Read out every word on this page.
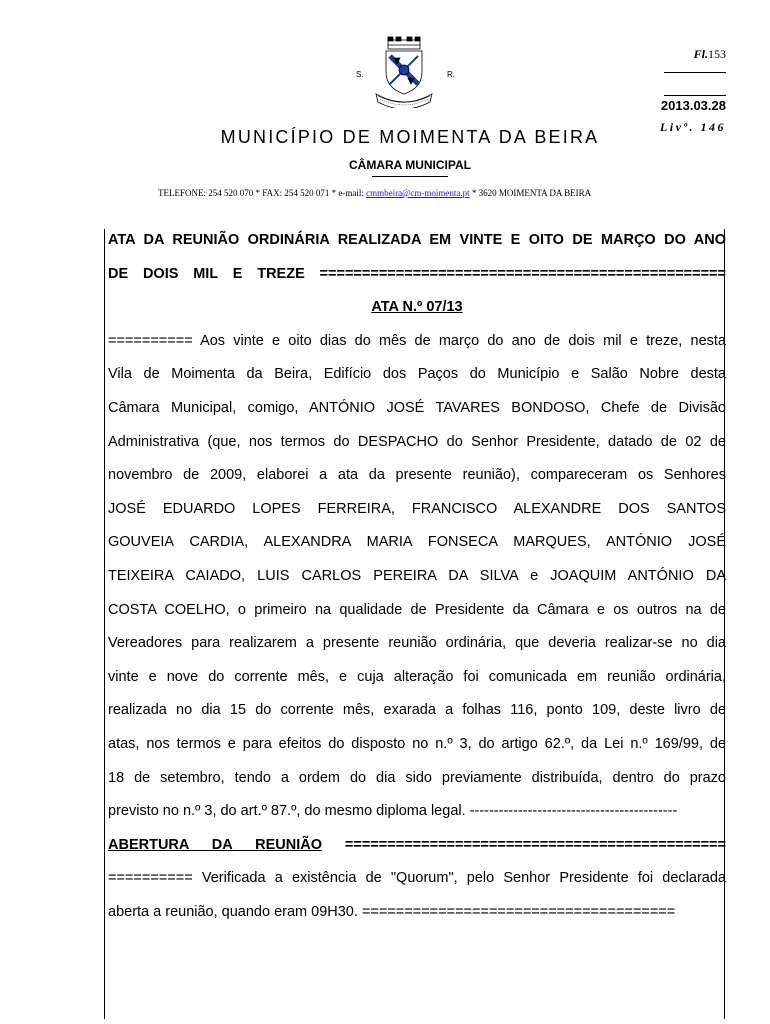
S.	R.
Fl.153
2013.03.28
Livº. 146
MUNICÍPIO DE MOIMENTA DA BEIRA
CÂMARA MUNICIPAL
TELEFONE: 254 520 070 * FAX: 254 520 071 * e-mail: cmmbeira@cm-moimenta.pt * 3620 MOIMENTA DA BEIRA
ATA DA REUNIÃO ORDINÁRIA REALIZADA EM VINTE E OITO DE MARÇO DO ANO
DE DOIS MIL E TREZE ================================================
ATA N.º 07/13
========== Aos vinte e oito dias do mês de março do ano de dois mil e treze, nesta
Vila de Moimenta da Beira, Edifício dos Paços do Município e Salão Nobre desta
Câmara Municipal, comigo, ANTÓNIO JOSÉ TAVARES BONDOSO, Chefe de Divisão
Administrativa (que, nos termos do DESPACHO do Senhor Presidente, datado de 02 de
novembro de 2009, elaborei a ata da presente reunião), compareceram os Senhores
JOSÉ EDUARDO LOPES FERREIRA, FRANCISCO ALEXANDRE DOS SANTOS
GOUVEIA CARDIA, ALEXANDRA MARIA FONSECA MARQUES, ANTÓNIO JOSÉ
TEIXEIRA CAIADO, LUIS CARLOS PEREIRA DA SILVA e JOAQUIM ANTÓNIO DA
COSTA COELHO, o primeiro na qualidade de Presidente da Câmara e os outros na de
Vereadores para realizarem a presente reunião ordinária, que deveria realizar-se no dia
vinte e nove do corrente mês, e cuja alteração foi comunicada em reunião ordinária,
realizada no dia 15 do corrente mês, exarada a folhas 116, ponto 109, deste livro de
atas, nos termos e para efeitos do disposto no n.º 3, do artigo 62.º, da Lei n.º 169/99, de
18 de setembro, tendo a ordem do dia sido previamente distribuída, dentro do prazo
previsto no n.º 3, do art.º 87.º, do mesmo diploma legal. -------------------------------------------
ABERTURA DA REUNIÃO =============================================
========== Verificada a existência de "Quorum", pelo Senhor Presidente foi declarada
aberta a reunião, quando eram 09H30. =====================================
